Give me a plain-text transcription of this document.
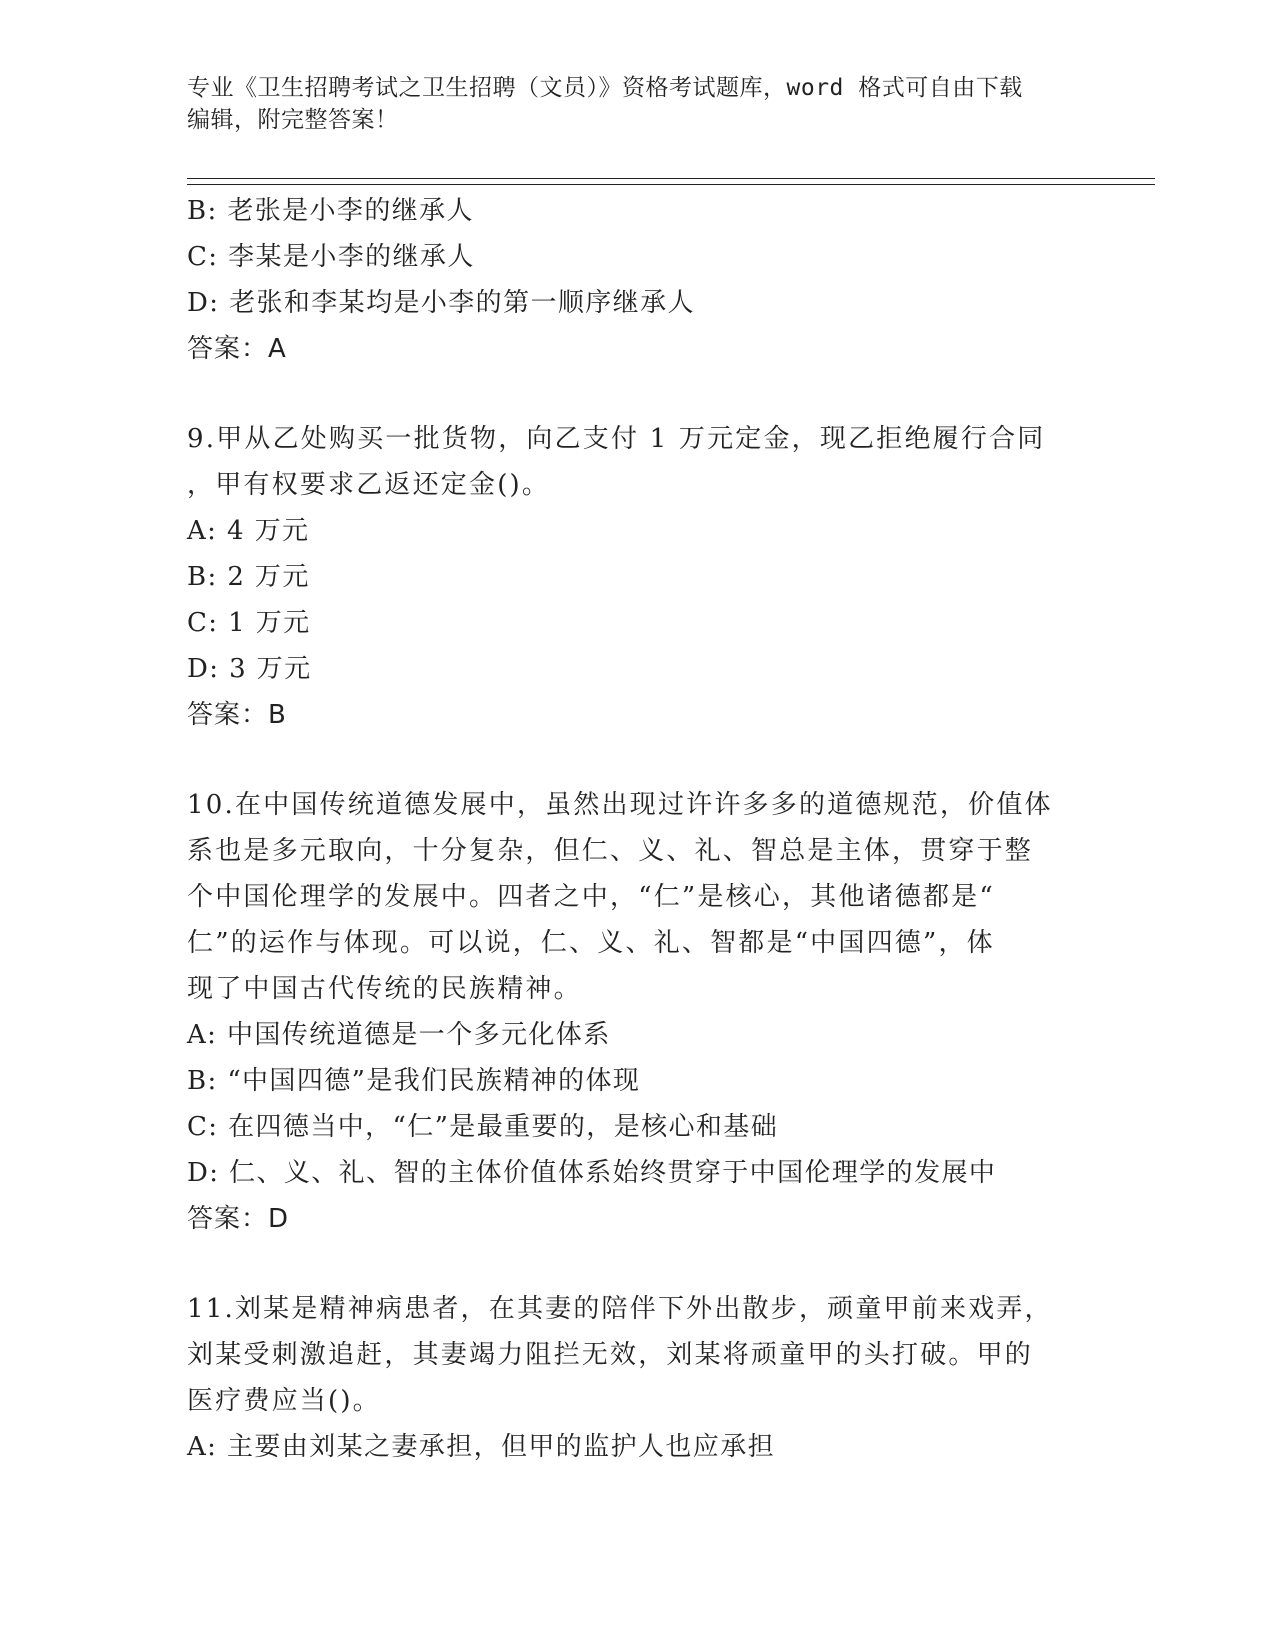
专业《卫生招聘考试之卫生招聘（文员）》资格考试题库，word 格式可自由下载
编辑，附完整答案！
B: 老张是小李的继承人
C: 李某是小李的继承人
D: 老张和李某均是小李的第一顺序继承人
答案：A
9.甲从乙处购买一批货物，向乙支付 1 万元定金，现乙拒绝履行合同
，甲有权要求乙返还定金()。
A: 4 万元
B: 2 万元
C: 1 万元
D: 3 万元
答案：B
10.在中国传统道德发展中，虽然出现过许许多多的道德规范，价值体
系也是多元取向，十分复杂，但仁、义、礼、智总是主体，贯穿于整
个中国伦理学的发展中。四者之中，“仁”是核心，其他诸德都是“
仁”的运作与体现。可以说，仁、义、礼、智都是“中国四德”，体
现了中国古代传统的民族精神。
A: 中国传统道德是一个多元化体系
B: “中国四德”是我们民族精神的体现
C: 在四德当中，“仁”是最重要的，是核心和基础
D: 仁、义、礼、智的主体价值体系始终贯穿于中国伦理学的发展中
答案：D
11.刘某是精神病患者，在其妻的陪伴下外出散步，顽童甲前来戏弄，
刘某受刺激追赶，其妻竭力阻拦无效，刘某将顽童甲的头打破。甲的
医疗费应当()。
A: 主要由刘某之妻承担，但甲的监护人也应承担
